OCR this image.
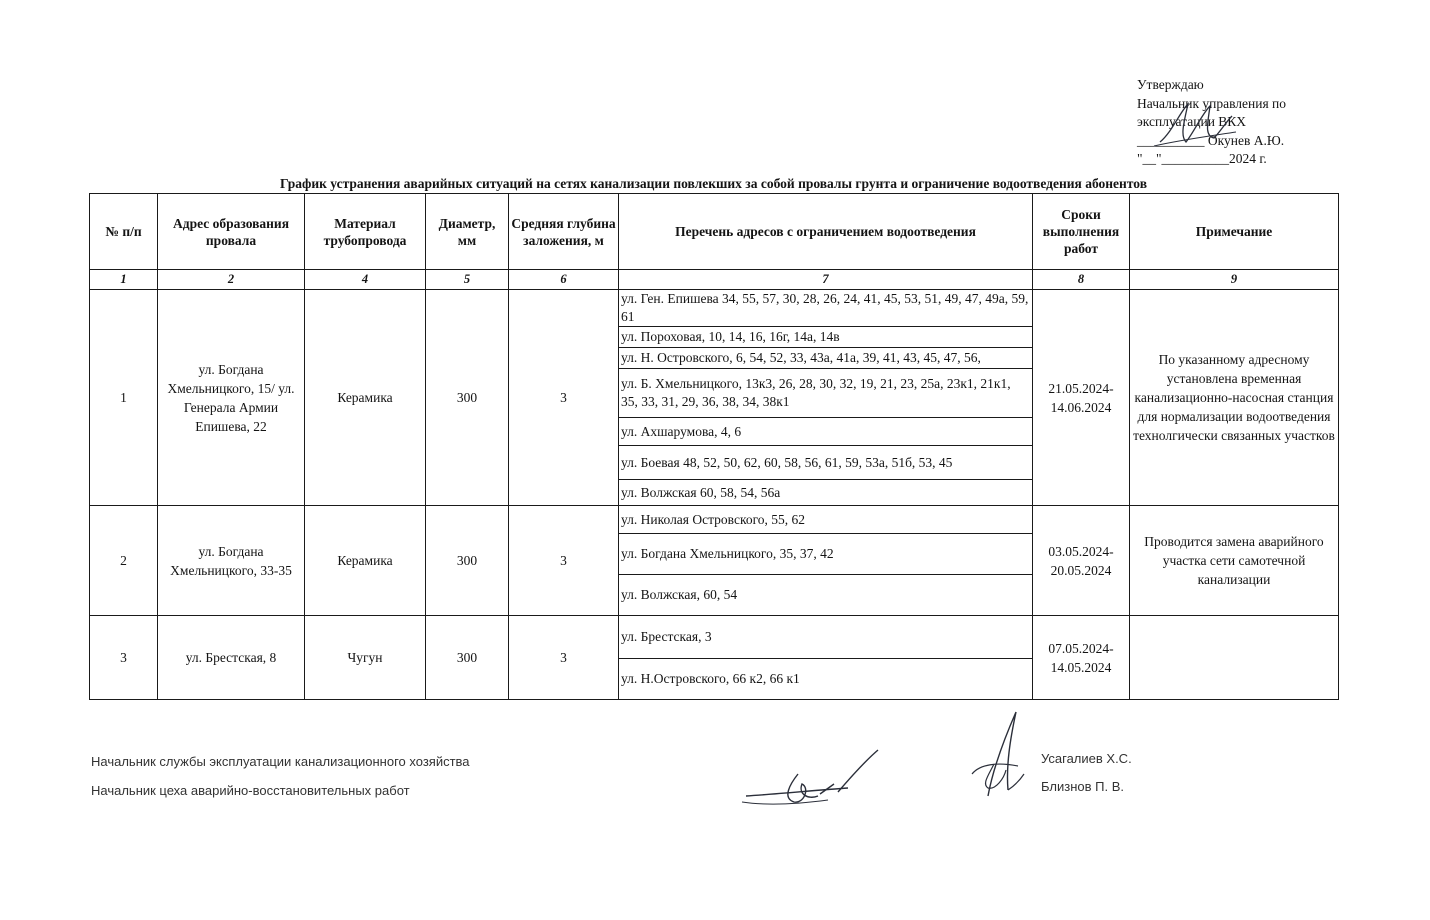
Утверждаю
Начальник управления по
эксплуатации ВКХ
__________ Окунев А.Ю.
"__"__________2024 г.
График устранения аварийных ситуаций на сетях канализации повлекших за собой провалы грунта и ограничение водоотведения абонентов
№ п/п	Адрес образования провала	Материал трубопровода	Диаметр, мм	Средняя глубина заложения, м	Перечень адресов с ограничением водоотведения	Сроки выполнения работ	Примечание
1	2	4	5	6	7	8	9
1	ул. Богдана Хмельницкого, 15/ ул. Генерала Армии Епишева, 22	Керамика	300	3	ул. Ген. Епишева 34, 55, 57, 30, 28, 26, 24, 41, 45, 53, 51, 49, 47, 49а, 59, 61	21.05.2024-14.06.2024	По указанному адресному установлена временная канализационно-насосная станция для нормализации водоотведения технолгически связанных участков
					ул. Пороховая, 10, 14, 16, 16г, 14а, 14в		
					ул. Н. Островского, 6, 54, 52, 33, 43а, 41а, 39, 41, 43, 45, 47, 56,		
					ул. Б. Хмельницкого, 13к3, 26, 28, 30, 32, 19, 21, 23, 25а, 23к1, 21к1, 35, 33, 31, 29, 36, 38, 34, 38к1		
					ул. Ахшарумова, 4, 6		
					ул. Боевая 48, 52, 50, 62, 60, 58, 56, 61, 59, 53а, 51б, 53, 45		
					ул. Волжская 60, 58, 54, 56а		
2	ул. Богдана Хмельницкого, 33-35	Керамика	300	3	ул. Николая Островского, 55, 62	03.05.2024-20.05.2024	Проводится замена аварийного участка сети самотечной канализации
					ул. Богдана Хмельницкого, 35, 37, 42		
					ул. Волжская, 60, 54		
3	ул. Брестская, 8	Чугун	300	3	ул. Брестская, 3	07.05.2024-14.05.2024	
					ул. Н.Островского, 66 к2, 66 к1		
Начальник службы эксплуатации канализационного хозяйства
Начальник цеха аварийно-восстановительных работ
Усагалиев Х.С.
Близнов П. В.
